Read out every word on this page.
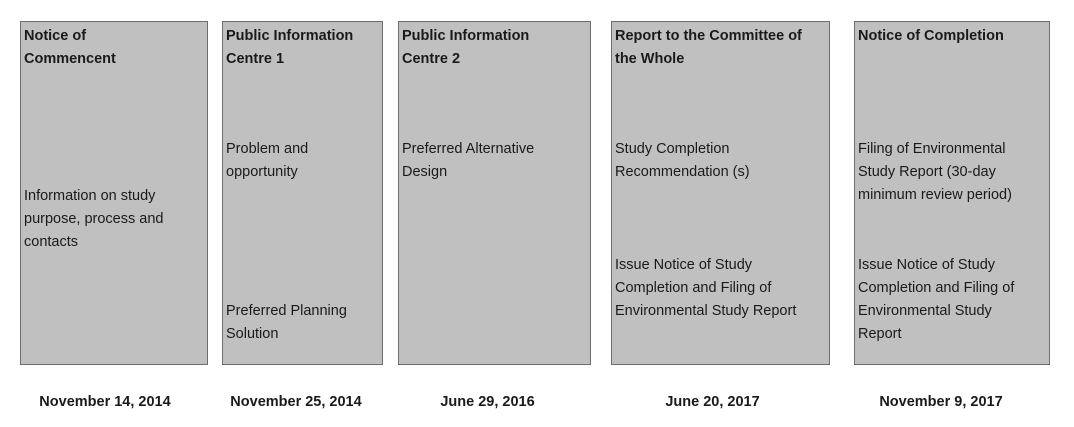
Notice of Commencent
Information on study purpose, process and contacts
November 14, 2014
Public Information Centre 1
Problem and opportunity
Preferred Planning Solution
November 25, 2014
Public Information Centre 2
Preferred Alternative Design
June 29, 2016
Report to the Committee of the Whole
Study Completion Recommendation (s)
Issue Notice of Study Completion and Filing of Environmental Study Report
June 20, 2017
Notice of Completion
Filing of Environmental Study Report (30-day minimum review period)
Issue Notice of Study Completion and Filing of Environmental Study Report
November 9, 2017
